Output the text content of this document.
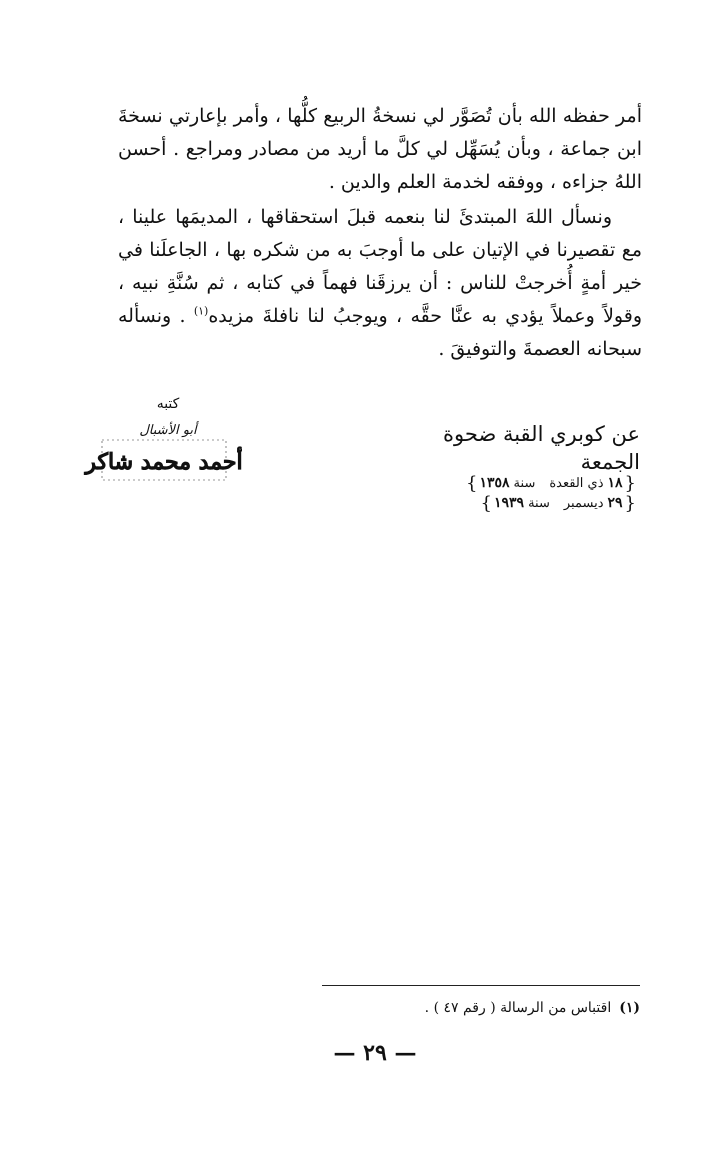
أمر حفظه الله بأن تُصَوَّر لي نسخةُ الربيع كلُّها ، وأمر بإعارتي نسخةَ ابن جماعة ، وبأن يُسَهِّل لي كلَّ ما أريد من مصادر ومراجع . أحسن اللهُ جزاءه ، ووفقه لخدمة العلم والدين .

ونسأل اللهَ المبتدئَ لنا بنعمه قبلَ استحقاقها ، المديمَها علينا ، مع تقصيرنا في الإتيان على ما أوجبَ به من شكره بها ، الجاعلَنا في خير أمةٍ أُخرجتْ للناس : أن يرزقَنا فهماً في كتابه ، ثم سُنَّةِ نبيه ، وقولاً وعملاً يؤدي به عنَّا حقَّه ، ويوجبُ لنا نافلةَ مزيده$^{(١)}$ . ونسأله سبحانه العصمةَ والتوفيقَ .

كتبه
أبو الأشبال
أحمد محمد شاكر
عن كوبري القبة ضحوة الجمعة
{
١٨
ذي القعدة
سنة
١٣٥٨
}
{
٢٩
ديسمبر
سنة
١٩٣٩
}
(١)اقتباس من الرسالة ( رقم ٤٧ ) .
— ٢٩ —
